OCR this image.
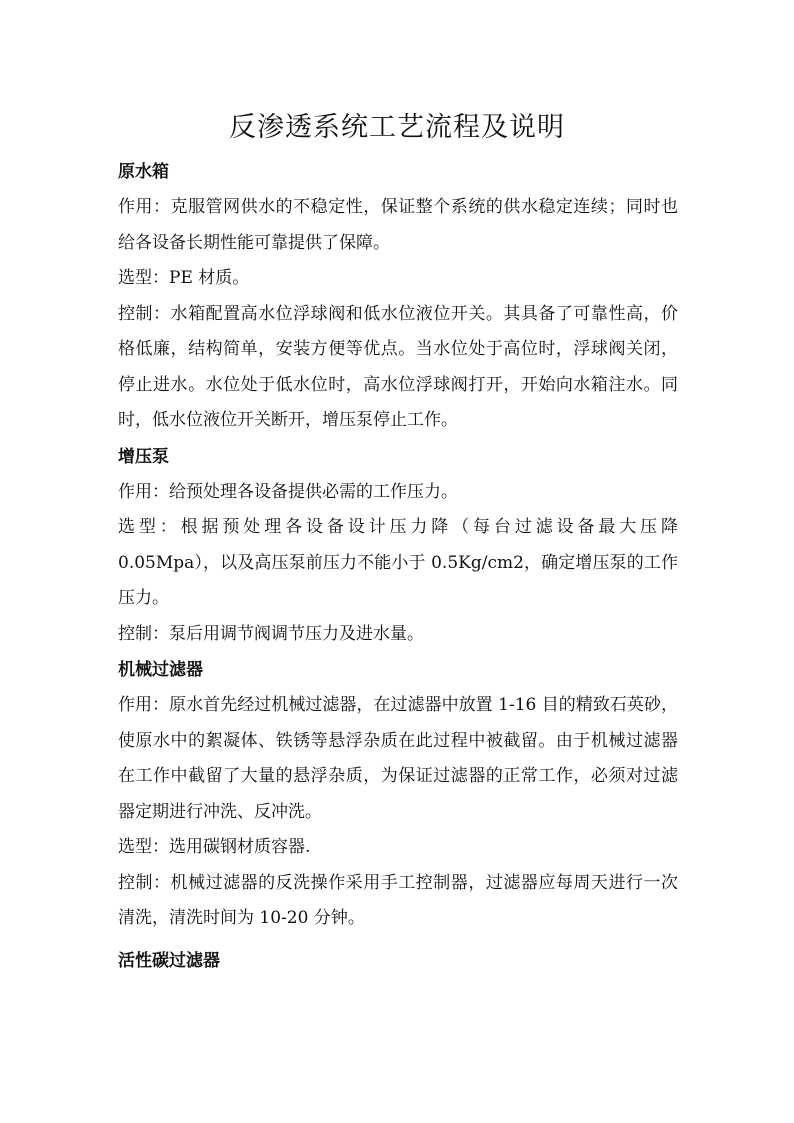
反渗透系统工艺流程及说明

原水箱

作用：克服管网供水的不稳定性，保证整个系统的供水稳定连续；同时也给各设备长期性能可靠提供了保障。

选型：PE 材质。

控制：水箱配置高水位浮球阀和低水位液位开关。其具备了可靠性高，价格低廉，结构简单，安装方便等优点。当水位处于高位时，浮球阀关闭，停止进水。水位处于低水位时，高水位浮球阀打开，开始向水箱注水。同时，低水位液位开关断开，增压泵停止工作。

增压泵

作用：给预处理各设备提供必需的工作压力。

选型：根据预处理各设备设计压力降（每台过滤设备最大压降0.05Mpa），以及高压泵前压力不能小于 0.5Kg/cm2，确定增压泵的工作压力。

控制：泵后用调节阀调节压力及进水量。

机械过滤器

作用：原水首先经过机械过滤器，在过滤器中放置 1-16 目的精致石英砂，使原水中的絮凝体、铁锈等悬浮杂质在此过程中被截留。由于机械过滤器在工作中截留了大量的悬浮杂质，为保证过滤器的正常工作，必须对过滤器定期进行冲洗、反冲洗。

选型：选用碳钢材质容器.

控制：机械过滤器的反洗操作采用手工控制器，过滤器应每周天进行一次清洗，清洗时间为 10-20 分钟。

活性碳过滤器
